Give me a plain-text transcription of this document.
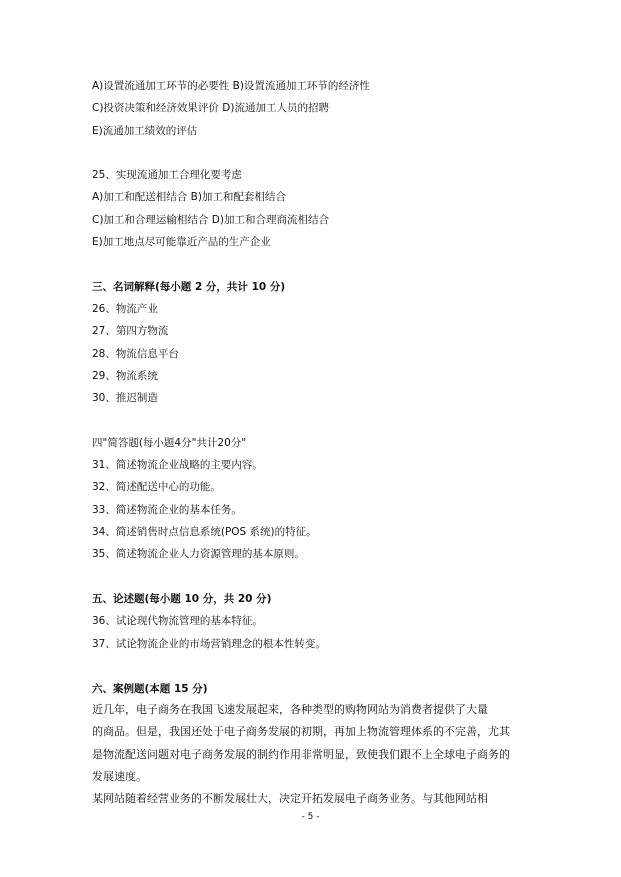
A)设置流通加工环节的必要性 B)设置流通加工环节的经济性
C)投资决策和经济效果评价 D)流通加工人员的招聘
E)流通加工绩效的评估
25、实现流通加工合理化要考虑
A)加工和配送相结合 B)加工和配套相结合
C)加工和合理运输相结合 D)加工和合理商流相结合
E)加工地点尽可能靠近产品的生产企业
三、名词解释(每小题 2 分，共计 10 分)
26、物流产业
27、第四方物流
28、物流信息平台
29、物流系统
30、推迟制造
四"简答题(每小题4分"共计20分"
31、简述物流企业战略的主要内容。
32、简述配送中心的功能。
33、简述物流企业的基本任务。
34、简述销售时点信息系统(POS 系统)的特征。
35、简述物流企业人力资源管理的基本原则。
五、论述题(每小题 10 分，共 20 分)
36、试论现代物流管理的基本特征。
37、试论物流企业的市场营销理念的根本性转变。
六、案例题(本题 15 分)
近几年，电子商务在我国飞速发展起来，各种类型的购物网站为消费者提供了大量
的商品。但是，我国还处于电子商务发展的初期，再加上物流管理体系的不完善，尤其
是物流配送问题对电子商务发展的制约作用非常明显，致使我们跟不上全球电子商务的
发展速度。
某网站随着经营业务的不断发展壮大，决定开拓发展电子商务业务。与其他网站相
- 5 -
